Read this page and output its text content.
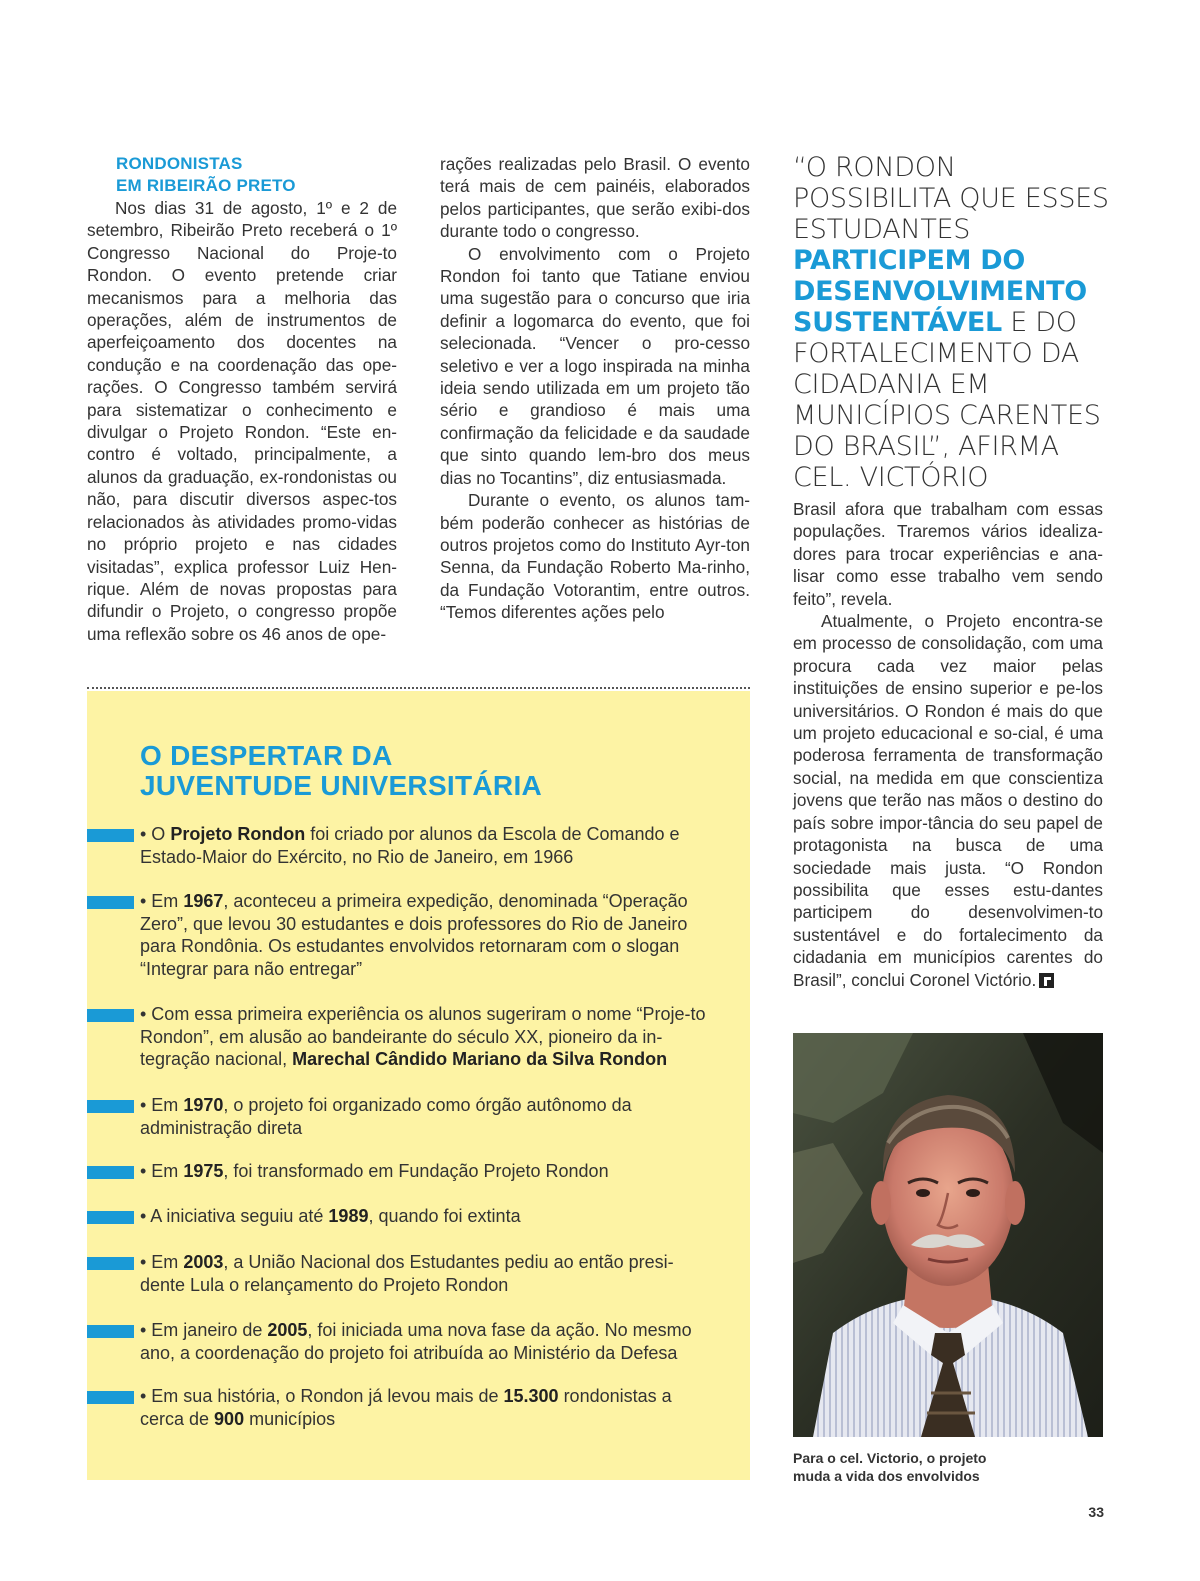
RONDONISTAS
EM RIBEIRÃO PRETO

Nos dias 31 de agosto, 1º e 2 de setembro, Ribeirão Preto receberá o 1º Congresso Nacional do Proje-to Rondon. O evento pretende criar mecanismos para a melhoria das operações, além de instrumentos de aperfeiçoamento dos docentes na condução e na coordenação das ope-rações. O Congresso também servirá para sistematizar o conhecimento e divulgar o Projeto Rondon. “Este en-contro é voltado, principalmente, a alunos da graduação, ex-rondonistas ou não, para discutir diversos aspec-tos relacionados às atividades promo-vidas no próprio projeto e nas cidades visitadas”, explica professor Luiz Hen-rique. Além de novas propostas para difundir o Projeto, o congresso propõe uma reflexão sobre os 46 anos de ope-

rações realizadas pelo Brasil. O evento terá mais de cem painéis, elaborados pelos participantes, que serão exibi-dos durante todo o congresso.

O envolvimento com o Projeto Rondon foi tanto que Tatiane enviou uma sugestão para o concurso que iria definir a logomarca do evento, que foi selecionada. “Vencer o pro-cesso seletivo e ver a logo inspirada na minha ideia sendo utilizada em um projeto tão sério e grandioso é mais uma confirmação da felicidade e da saudade que sinto quando lem-bro dos meus dias no Tocantins”, diz entusiasmada.

Durante o evento, os alunos tam-bém poderão conhecer as histórias de outros projetos como do Instituto Ayr-ton Senna, da Fundação Roberto Ma-rinho, da Fundação Votorantim, entre outros. “Temos diferentes ações pelo

“O RONDON POSSIBILITA QUE ESSES ESTUDANTES PARTICIPEM DO DESENVOLVIMENTO SUSTENTÁVEL E DO FORTALECIMENTO DA CIDADANIA EM MUNICÍPIOS CARENTES DO BRASIL”, AFIRMA CEL. VICTÓRIO

Brasil afora que trabalham com essas populações. Traremos vários idealiza-dores para trocar experiências e ana-lisar como esse trabalho vem sendo feito”, revela.

Atualmente, o Projeto encontra-se em processo de consolidação, com uma procura cada vez maior pelas instituições de ensino superior e pe-los universitários. O Rondon é mais do que um projeto educacional e so-cial, é uma poderosa ferramenta de transformação social, na medida em que conscientiza jovens que terão nas mãos o destino do país sobre impor-tância do seu papel de protagonista na busca de uma sociedade mais justa. “O Rondon possibilita que esses estu-dantes participem do desenvolvimen-to sustentável e do fortalecimento da cidadania em municípios carentes do Brasil”, conclui Coronel Victório.

O DESPERTAR DA
JUVENTUDE UNIVERSITÁRIA
• O Projeto Rondon foi criado por alunos da Escola de Comando e Estado-Maior do Exército, no Rio de Janeiro, em 1966
• Em 1967, aconteceu a primeira expedição, denominada “Operação Zero”, que levou 30 estudantes e dois professores do Rio de Janeiro para Rondônia. Os estudantes envolvidos retornaram com o slogan “Integrar para não entregar”
• Com essa primeira experiência os alunos sugeriram o nome “Proje-to Rondon”, em alusão ao bandeirante do século XX, pioneiro da in-tegração nacional, Marechal Cândido Mariano da Silva Rondon
• Em 1970, o projeto foi organizado como órgão autônomo da administração direta
• Em 1975, foi transformado em Fundação Projeto Rondon
• A iniciativa seguiu até 1989, quando foi extinta
• Em 2003, a União Nacional dos Estudantes pediu ao então presi-dente Lula o relançamento do Projeto Rondon
• Em janeiro de 2005, foi iniciada uma nova fase da ação. No mesmo ano, a coordenação do projeto foi atribuída ao Ministério da Defesa
• Em sua história, o Rondon já levou mais de 15.300 rondonistas a cerca de 900 municípios
Para o cel. Victorio, o projeto
muda a vida dos envolvidos
33
